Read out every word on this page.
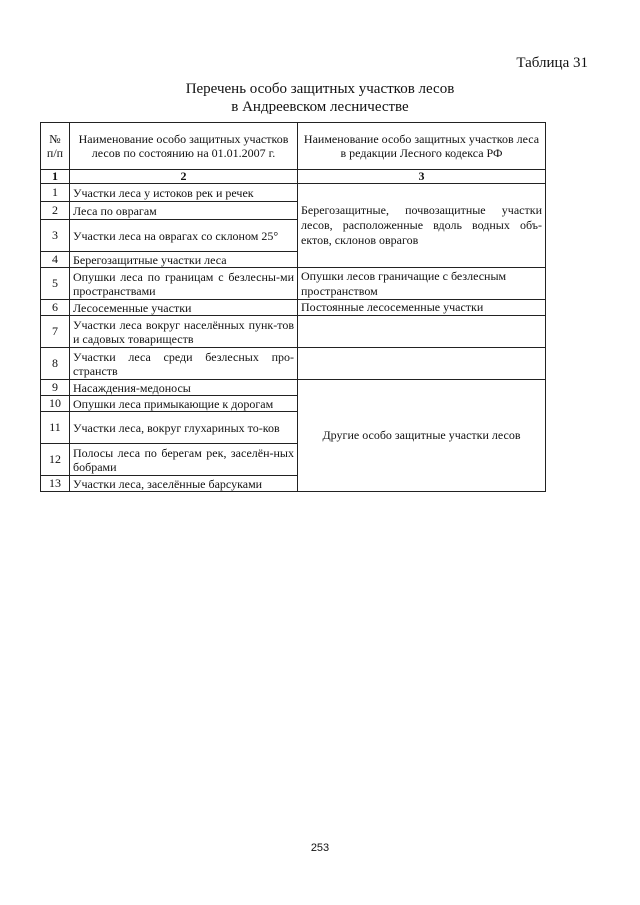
Таблица 31
Перечень особо защитных участков лесов
в Андреевском лесничестве
№ п/п	Наименование особо защитных участков лесов по состоянию на 01.01.2007 г.	Наименование особо защитных участков леса в редакции Лесного кодекса РФ
1	2	3
1	Участки леса у истоков рек и речек	Берегозащитные, почвозащитные участки лесов, расположенные вдоль водных объ-ектов, склонов оврагов
2	Леса по оврагам	
3	Участки леса на оврагах со склоном 25°	
4	Берегозащитные участки леса	
5	Опушки леса по границам с безлесны-ми пространствами	Опушки лесов граничащие с безлесным пространством
6	Лесосеменные участки	Постоянные лесосеменные участки
7	Участки леса вокруг населённых пунк-тов и садовых товариществ	
8	Участки леса среди безлесных про-странств	
9	Насаждения-медоносы	Другие особо защитные участки лесов
10	Опушки леса примыкающие к дорогам	
11	Участки леса, вокруг глухариных то-ков	
12	Полосы леса по берегам рек, заселён-ных бобрами	
13	Участки леса, заселённые барсуками	
253
